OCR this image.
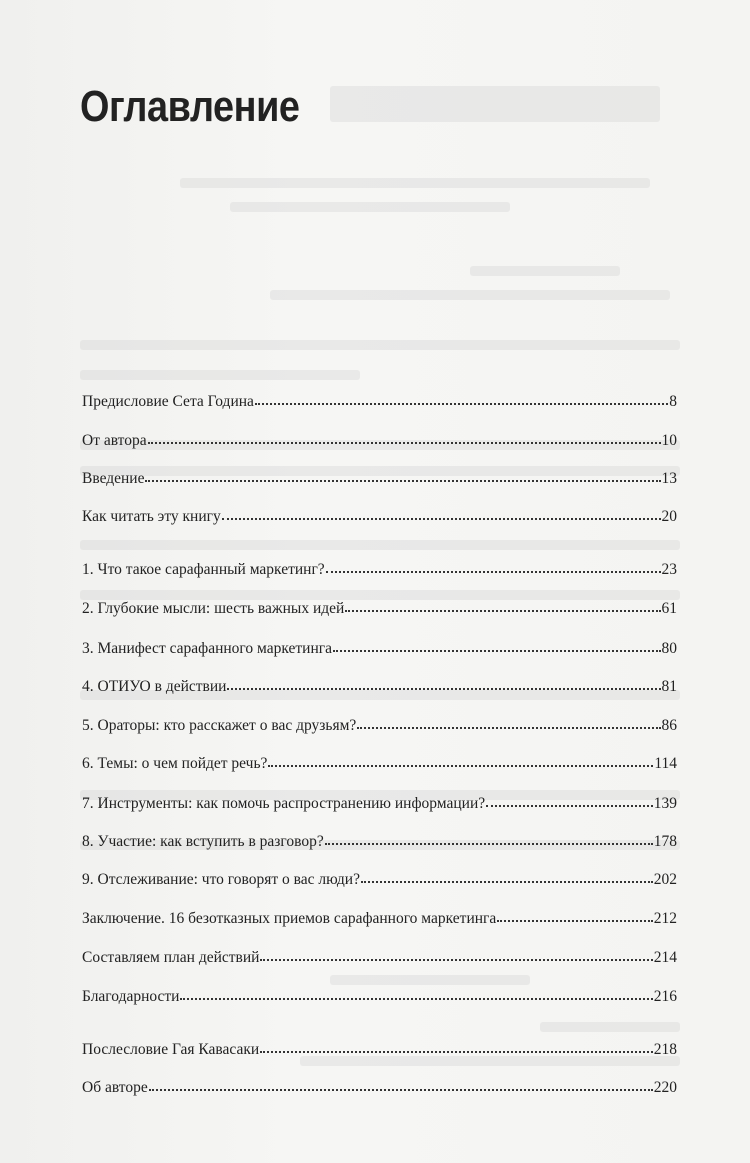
Оглавление
Предисловие Сета Година	8
От автора	10
Введение	13
Как читать эту книгу	20
1. Что такое сарафанный маркетинг?	23
2. Глубокие мысли: шесть важных идей	61
3. Манифест сарафанного маркетинга	80
4. ОТИУО в действии	81
5. Ораторы: кто расскажет о вас друзьям?	86
6. Темы: о чем пойдет речь?	114
7. Инструменты: как помочь распространению информации?	139
8. Участие: как вступить в разговор?	178
9. Отслеживание: что говорят о вас люди?	202
Заключение. 16 безотказных приемов сарафанного маркетинга	212
Составляем план действий	214
Благодарности	216
Послесловие Гая Кавасаки	218
Об авторе	220
